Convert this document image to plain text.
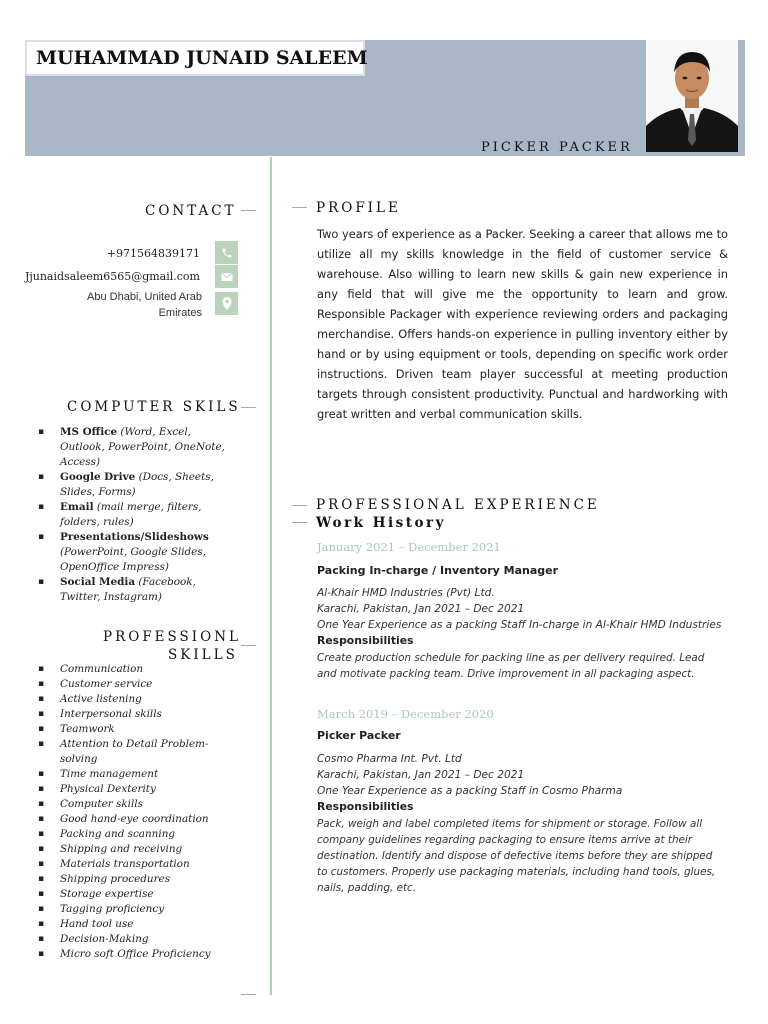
MUHAMMAD JUNAID SALEEM
PICKER PACKER
CONTACT
+971564839171
Jjunaidsaleem6565@gmail.com
Abu Dhabi, United Arab
Emirates
COMPUTER SKILS
▪ MS Office (Word, Excel, Outlook, PowerPoint, OneNote, Access)
▪ Google Drive (Docs, Sheets, Slides, Forms)
▪ Email (mail merge, filters, folders, rules)
▪ Presentations/Slideshows (PowerPoint, Google Slides, OpenOffice Impress)
▪ Social Media (Facebook, Twitter, Instagram)
PROFESSIONL
SKILLS
▪ Communication
▪ Customer service
▪ Active listening
▪ Interpersonal skills
▪ Teamwork
▪ Attention to Detail Problem-solving
▪ Time management
▪ Physical Dexterity
▪ Computer skills
▪ Good hand-eye coordination
▪ Packing and scanning
▪ Shipping and receiving
▪ Materials transportation
▪ Shipping procedures
▪ Storage expertise
▪ Tagging proficiency
▪ Hand tool use
▪ Decision-Making
▪ Micro soft Office Proficiency
PROFILE
Two years of experience as a Packer. Seeking a career that allows me to utilize all my skills knowledge in the field of customer service & warehouse. Also willing to learn new skills & gain new experience in any field that will give me the opportunity to learn and grow. Responsible Packager with experience reviewing orders and packaging merchandise. Offers hands-on experience in pulling inventory either by hand or by using equipment or tools, depending on specific work order instructions. Driven team player successful at meeting production targets through consistent productivity. Punctual and hardworking with great written and verbal communication skills.
PROFESSIONAL EXPERIENCE
Work History
January 2021 – December 2021
Packing In-charge / Inventory Manager
Al-Khair HMD Industries (Pvt) Ltd.
Karachi, Pakistan, Jan 2021 – Dec 2021
One Year Experience as a packing Staff In-charge in Al-Khair HMD Industries
Responsibilities
Create production schedule for packing line as per delivery required. Lead and motivate packing team. Drive improvement in all packaging aspect.
March 2019 – December 2020
Picker Packer
Cosmo Pharma Int. Pvt. Ltd
Karachi, Pakistan, Jan 2021 – Dec 2021
One Year Experience as a packing Staff in Cosmo Pharma
Responsibilities
Pack, weigh and label completed items for shipment or storage. Follow all company guidelines regarding packaging to ensure items arrive at their destination. Identify and dispose of defective items before they are shipped to customers. Properly use packaging materials, including hand tools, glues, nails, padding, etc.
